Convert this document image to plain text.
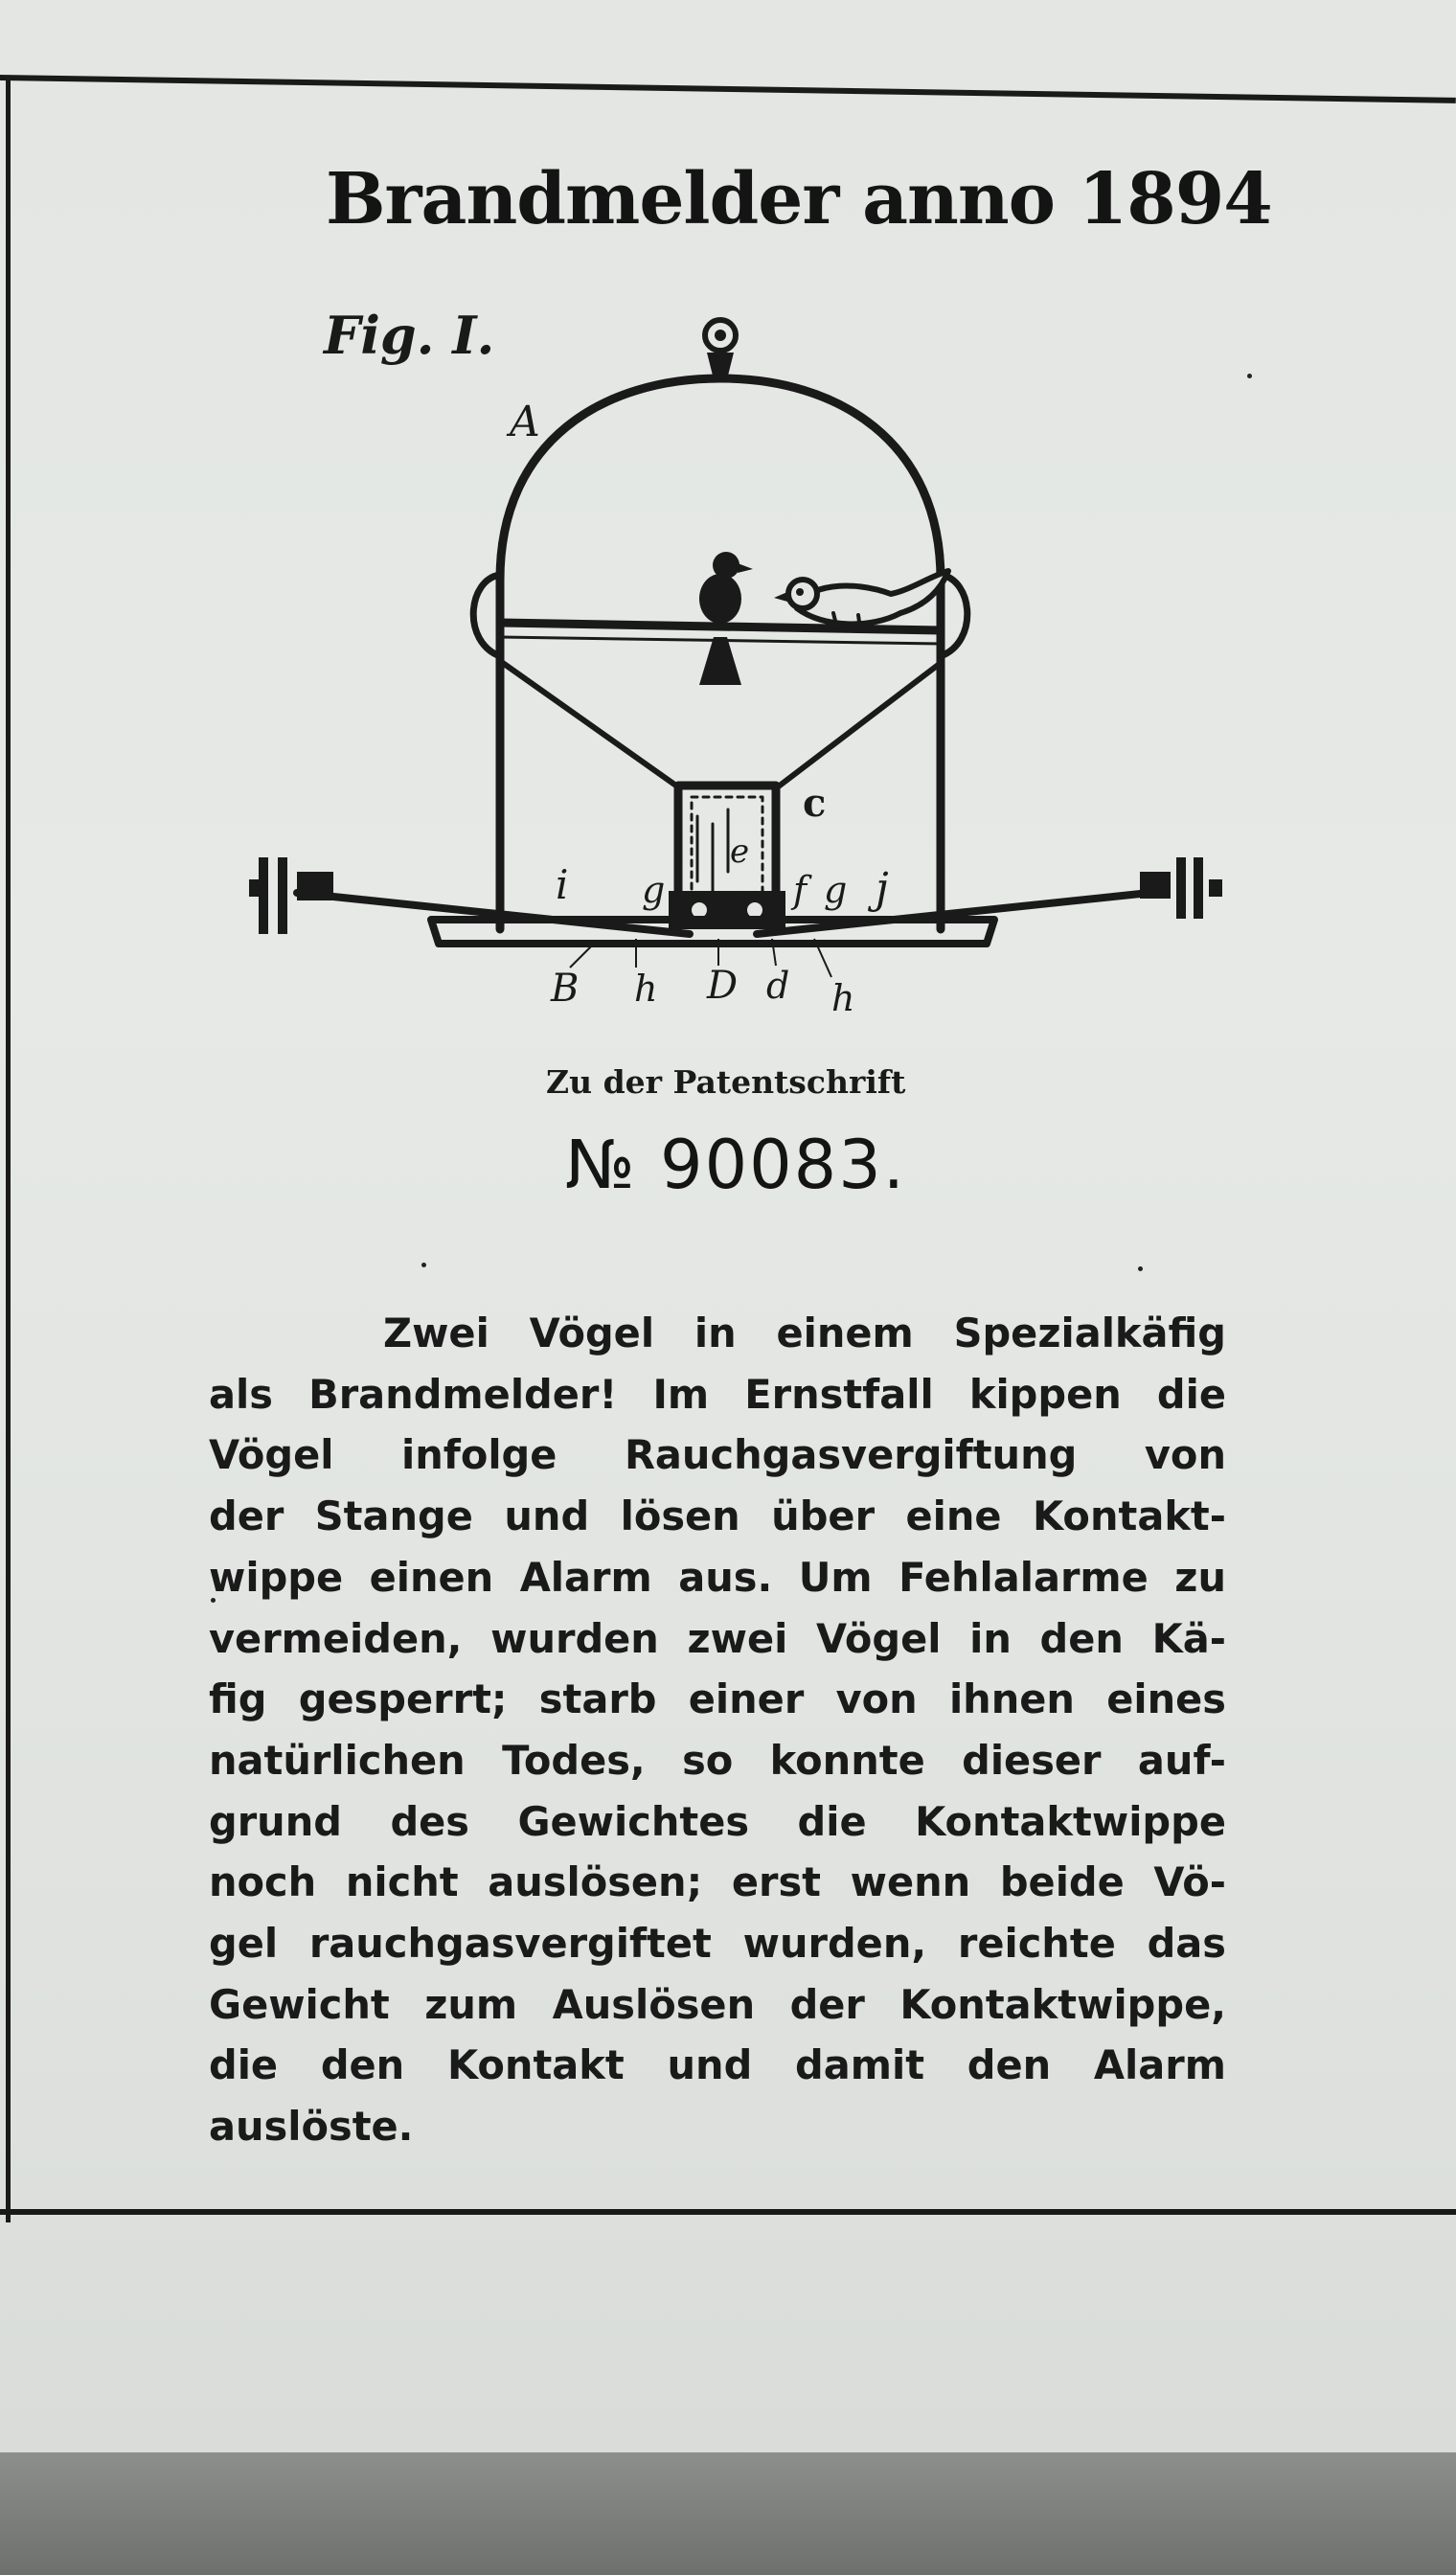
Brandmelder anno 1894
Fig. I.
A
c
e
i g	f g j
B h D d h
Zu der Patentschrift
№ 90083.
Zwei Vögel in einem Spezialkäfig
als Brandmelder! Im Ernstfall kippen die
Vögel infolge Rauchgasvergiftung von
der Stange und lösen über eine Kontakt-
wippe einen Alarm aus. Um Fehlalarme zu
vermeiden, wurden zwei Vögel in den Kä-
fig gesperrt; starb einer von ihnen eines
natürlichen Todes, so konnte dieser auf-
grund des Gewichtes die Kontaktwippe
noch nicht auslösen; erst wenn beide Vö-
gel rauchgasvergiftet wurden, reichte das
Gewicht zum Auslösen der Kontaktwippe,
die den Kontakt und damit den Alarm
auslöste.
